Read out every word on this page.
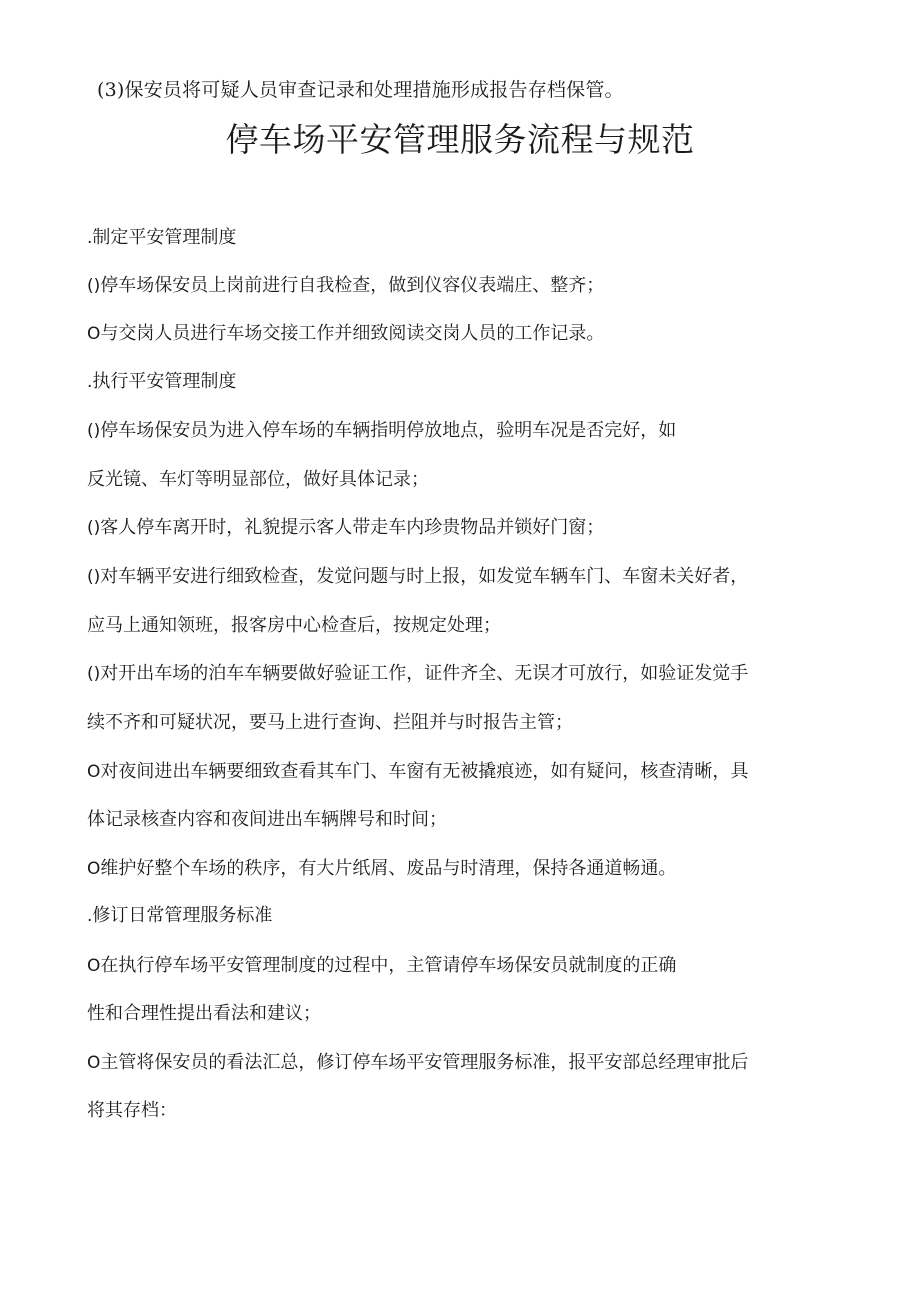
(3)保安员将可疑人员审查记录和处理措施形成报告存档保管。
停车场平安管理服务流程与规范
.制定平安管理制度
()停车场保安员上岗前进行自我检查，做到仪容仪表端庄、整齐；
O与交岗人员进行车场交接工作并细致阅读交岗人员的工作记录。
.执行平安管理制度
()停车场保安员为进入停车场的车辆指明停放地点，验明车况是否完好，如
反光镜、车灯等明显部位，做好具体记录；
()客人停车离开时，礼貌提示客人带走车内珍贵物品并锁好门窗；
()对车辆平安进行细致检查，发觉问题与时上报，如发觉车辆车门、车窗未关好者，
应马上通知领班，报客房中心检查后，按规定处理；
()对开出车场的泊车车辆要做好验证工作，证件齐全、无误才可放行，如验证发觉手
续不齐和可疑状况，要马上进行查询、拦阻并与时报告主管；
O对夜间进出车辆要细致查看其车门、车窗有无被撬痕迹，如有疑问，核查清晰，具
体记录核查内容和夜间进出车辆牌号和时间；
O维护好整个车场的秩序，有大片纸屑、废品与时清理，保持各通道畅通。
.修订日常管理服务标准
O在执行停车场平安管理制度的过程中，主管请停车场保安员就制度的正确
性和合理性提出看法和建议；
O主管将保安员的看法汇总，修订停车场平安管理服务标准，报平安部总经理审批后
将其存档：
